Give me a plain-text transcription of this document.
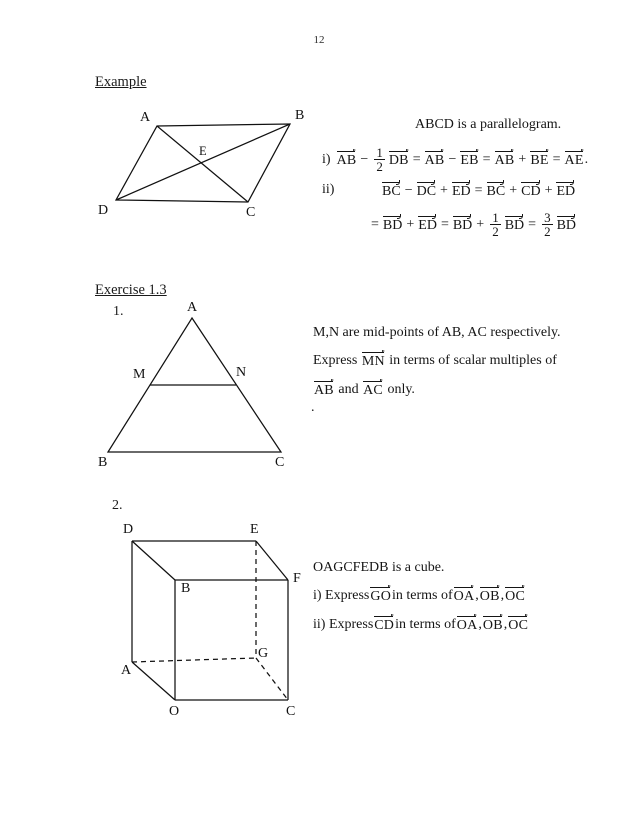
12
Example
A	B
C
D
E
ABCD is a parallelogram.
i) AB − $\frac{1}{2}$ DB = AB − EB = AB + BE = AE .
ii)	BC − DC + ED = BC + CD + ED
= BD + ED = BD + $\frac{1}{2}$ BD = $\frac{3}{2}$ BD
Exercise 1.3
1.	A
B	C
M	N
M,N are mid-points of AB, AC respectively.
Express MN in terms of scalar multiples of
AB and AC only.
.
2.
D	E
B
F
A
G
O	C
OAGCFEDB is a cube.
i) Express GO in terms of OA , OB , OC
ii) Express CD in terms of OA , OB , OC
